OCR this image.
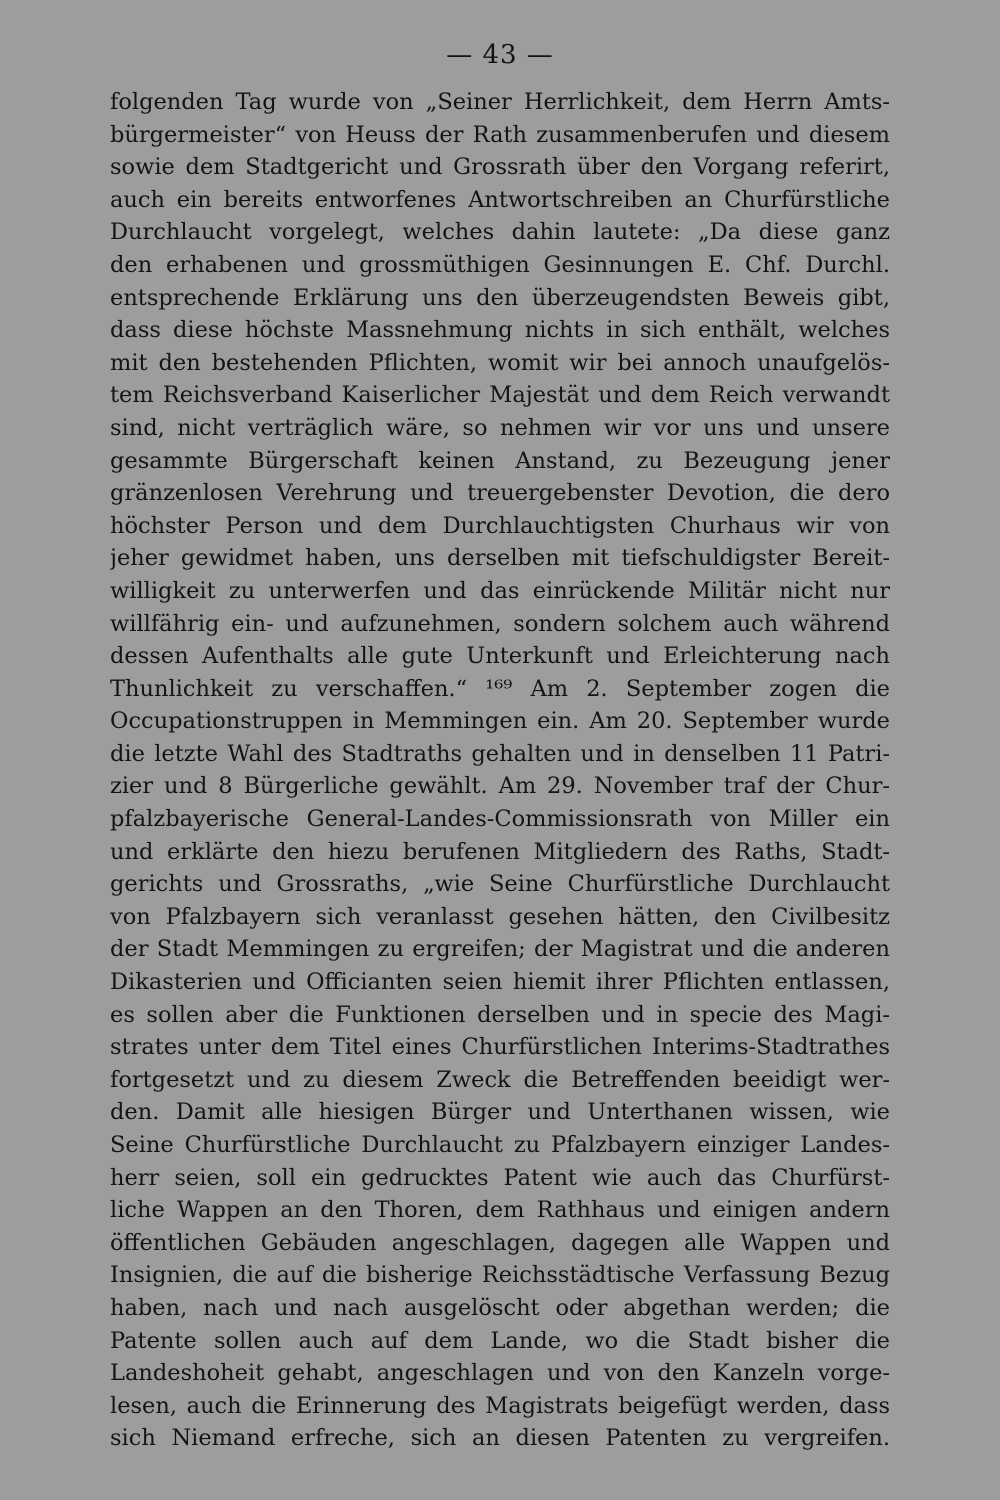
— 43 —
folgenden Tag wurde von „Seiner Herrlichkeit, dem Herrn Amts-
bürgermeister“ von Heuss der Rath zusammenberufen und diesem
sowie dem Stadtgericht und Grossrath über den Vorgang referirt,
auch ein bereits entworfenes Antwortschreiben an Churfürstliche
Durchlaucht vorgelegt, welches dahin lautete: „Da diese ganz
den erhabenen und grossmüthigen Gesinnungen E. Chf. Durchl.
entsprechende Erklärung uns den überzeugendsten Beweis gibt,
dass diese höchste Massnehmung nichts in sich enthält, welches
mit den bestehenden Pflichten, womit wir bei annoch unaufgelös-
tem Reichsverband Kaiserlicher Majestät und dem Reich verwandt
sind, nicht verträglich wäre, so nehmen wir vor uns und unsere
gesammte Bürgerschaft keinen Anstand, zu Bezeugung jener
gränzenlosen Verehrung und treuergebenster Devotion, die dero
höchster Person und dem Durchlauchtigsten Churhaus wir von
jeher gewidmet haben, uns derselben mit tiefschuldigster Bereit-
willigkeit zu unterwerfen und das einrückende Militär nicht nur
willfährig ein- und aufzunehmen, sondern solchem auch während
dessen Aufenthalts alle gute Unterkunft und Erleichterung nach
Thunlichkeit zu verschaffen.“ ¹⁶⁹ Am 2. September zogen die
Occupationstruppen in Memmingen ein. Am 20. September wurde
die letzte Wahl des Stadtraths gehalten und in denselben 11 Patri-
zier und 8 Bürgerliche gewählt. Am 29. November traf der Chur-
pfalzbayerische General-Landes-Commissionsrath von Miller ein
und erklärte den hiezu berufenen Mitgliedern des Raths, Stadt-
gerichts und Grossraths, „wie Seine Churfürstliche Durchlaucht
von Pfalzbayern sich veranlasst gesehen hätten, den Civilbesitz
der Stadt Memmingen zu ergreifen; der Magistrat und die anderen
Dikasterien und Officianten seien hiemit ihrer Pflichten entlassen,
es sollen aber die Funktionen derselben und in specie des Magi-
strates unter dem Titel eines Churfürstlichen Interims-Stadtrathes
fortgesetzt und zu diesem Zweck die Betreffenden beeidigt wer-
den. Damit alle hiesigen Bürger und Unterthanen wissen, wie
Seine Churfürstliche Durchlaucht zu Pfalzbayern einziger Landes-
herr seien, soll ein gedrucktes Patent wie auch das Churfürst-
liche Wappen an den Thoren, dem Rathhaus und einigen andern
öffentlichen Gebäuden angeschlagen, dagegen alle Wappen und
Insignien, die auf die bisherige Reichsstädtische Verfassung Bezug
haben, nach und nach ausgelöscht oder abgethan werden; die
Patente sollen auch auf dem Lande, wo die Stadt bisher die
Landeshoheit gehabt, angeschlagen und von den Kanzeln vorge-
lesen, auch die Erinnerung des Magistrats beigefügt werden, dass
sich Niemand erfreche, sich an diesen Patenten zu vergreifen.
